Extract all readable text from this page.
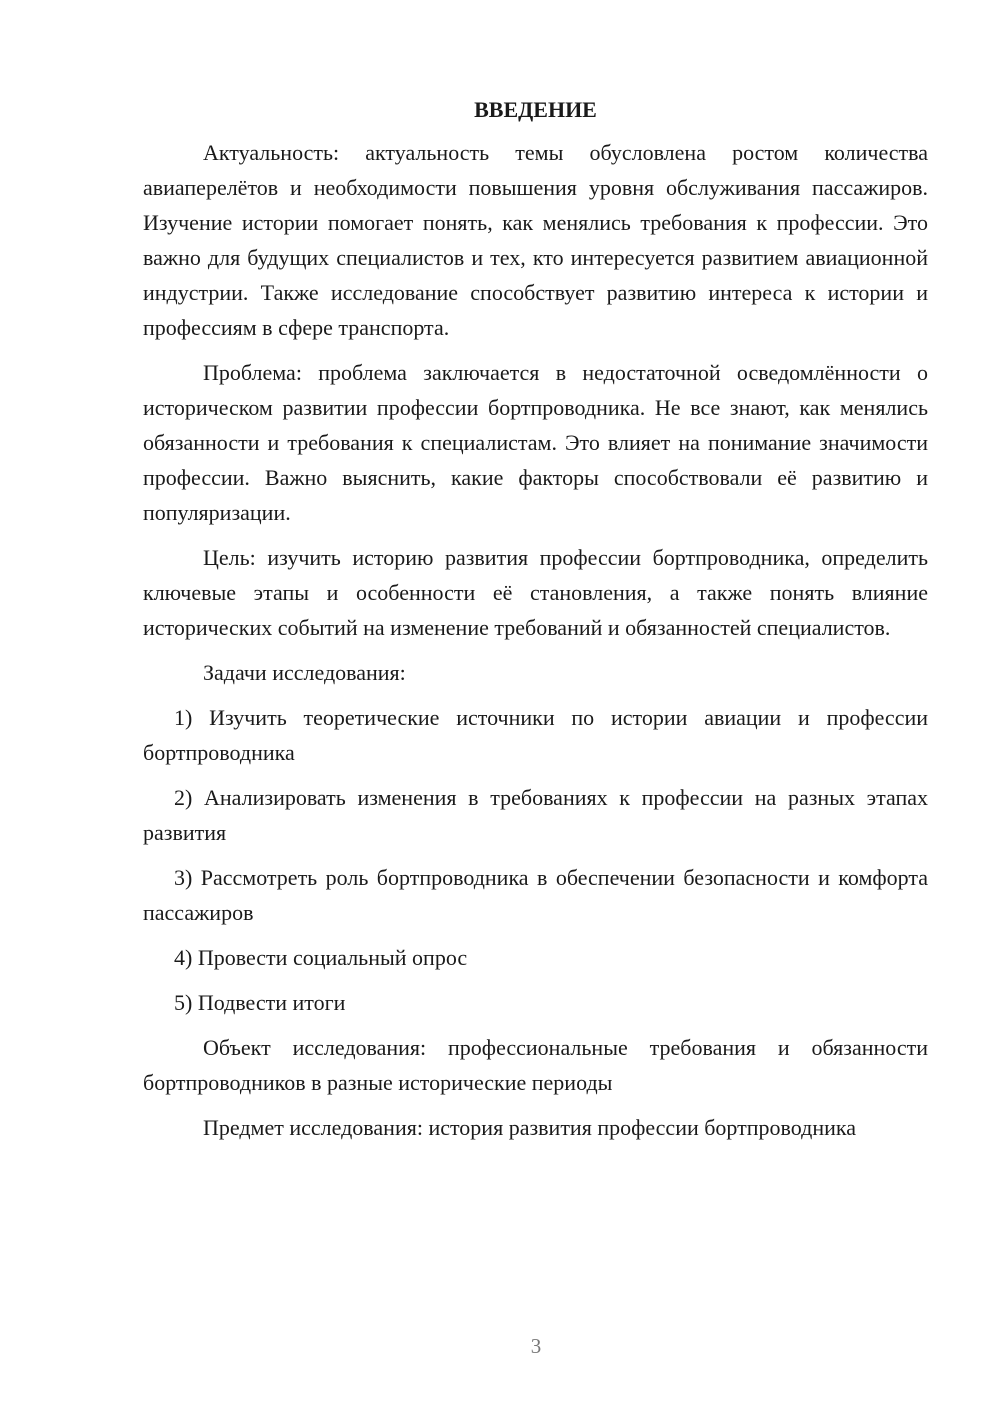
ВВЕДЕНИЕ

Актуальность: актуальность темы обусловлена ростом количества авиаперелётов и необходимости повышения уровня обслуживания пассажиров. Изучение истории помогает понять, как менялись требования к профессии. Это важно для будущих специалистов и тех, кто интересуется развитием авиационной индустрии. Также исследование способствует развитию интереса к истории и профессиям в сфере транспорта.

Проблема: проблема заключается в недостаточной осведомлённости о историческом развитии профессии бортпроводника. Не все знают, как менялись обязанности и требования к специалистам. Это влияет на понимание значимости профессии. Важно выяснить, какие факторы способствовали её развитию и популяризации.

Цель: изучить историю развития профессии бортпроводника, определить ключевые этапы и особенности её становления, а также понять влияние исторических событий на изменение требований и обязанностей специалистов.

Задачи исследования:

1) Изучить теоретические источники по истории авиации и профессии бортпроводника

2) Анализировать изменения в требованиях к профессии на разных этапах развития

3) Рассмотреть роль бортпроводника в обеспечении безопасности и комфорта пассажиров

4) Провести социальный опрос

5) Подвести итоги

Объект исследования: профессиональные требования и обязанности бортпроводников в разные исторические периоды

Предмет исследования: история развития профессии бортпроводника

3
